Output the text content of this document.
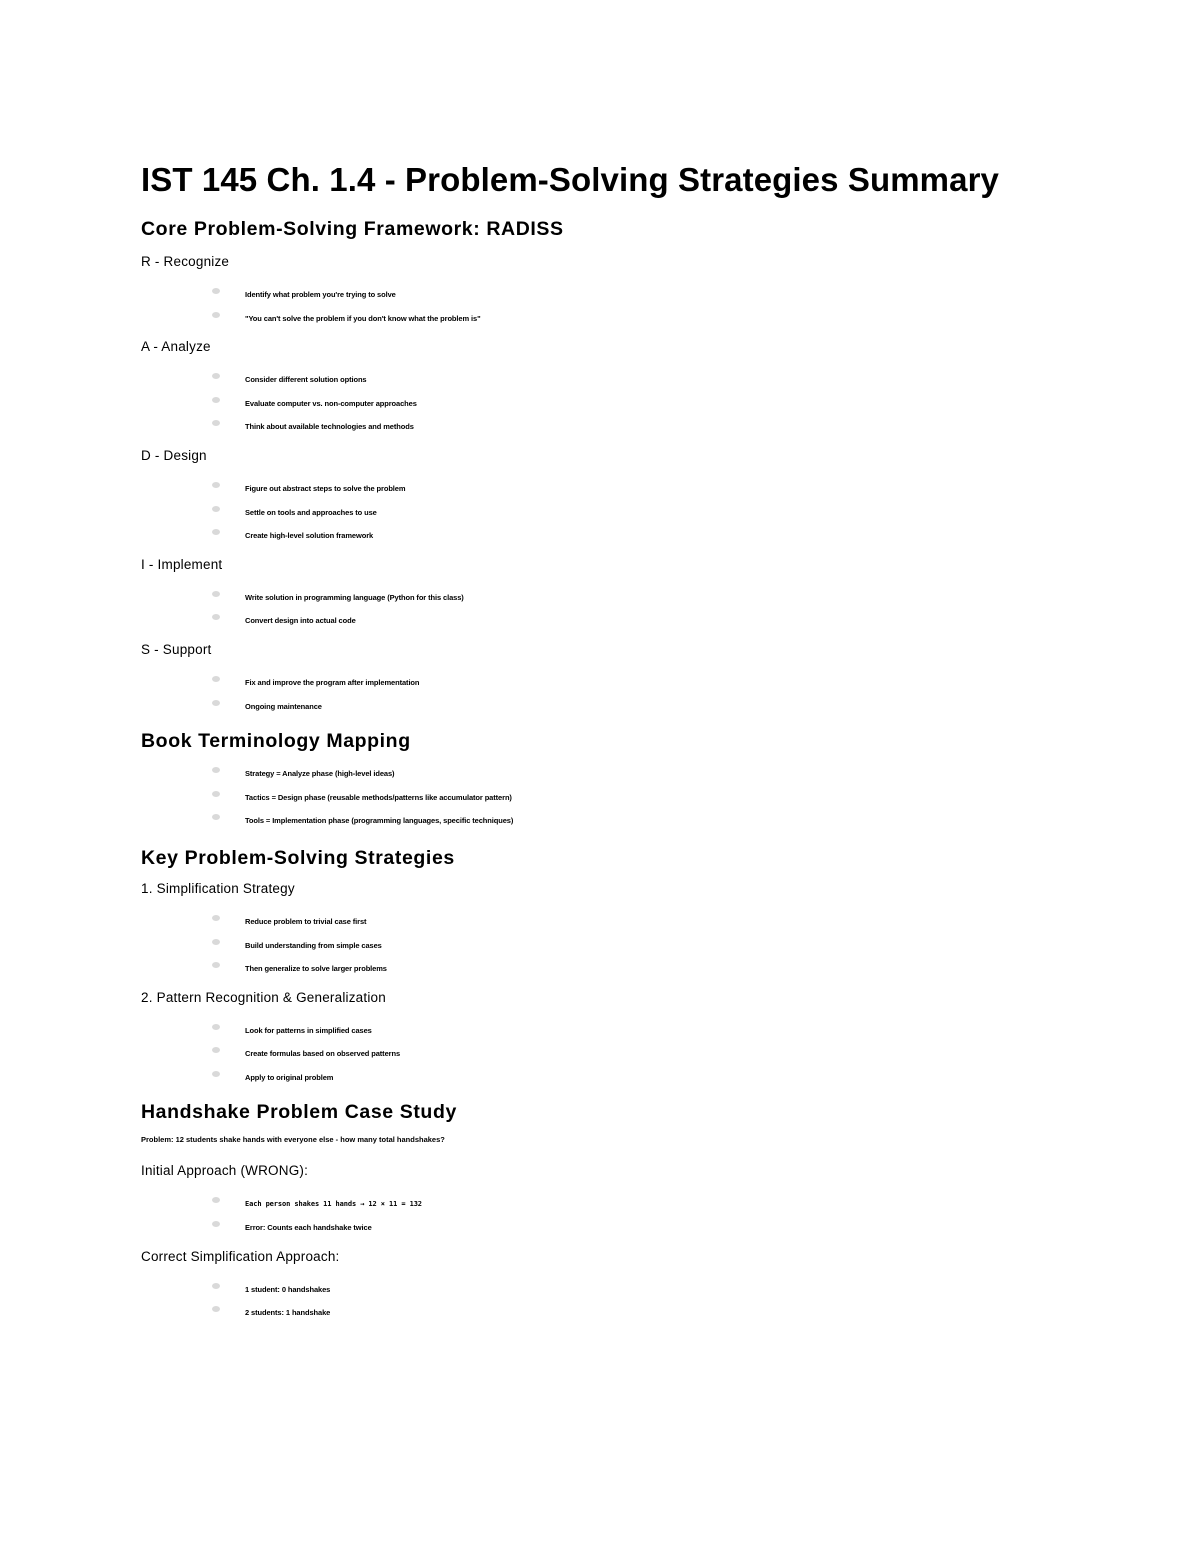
IST 145 Ch. 1.4 - Problem-Solving Strategies Summary
Core Problem-Solving Framework: RADISS

R - Recognize

Identify what problem you're trying to solve
"You can't solve the problem if you don't know what the problem is"

A - Analyze

Consider different solution options
Evaluate computer vs. non-computer approaches
Think about available technologies and methods

D - Design

Figure out abstract steps to solve the problem
Settle on tools and approaches to use
Create high-level solution framework

I - Implement

Write solution in programming language (Python for this class)
Convert design into actual code

S - Support

Fix and improve the program after implementation
Ongoing maintenance
Book Terminology Mapping
Strategy = Analyze phase (high-level ideas)
Tactics = Design phase (reusable methods/patterns like accumulator pattern)
Tools = Implementation phase (programming languages, specific techniques)
Key Problem-Solving Strategies

1. Simplification Strategy

Reduce problem to trivial case first
Build understanding from simple cases
Then generalize to solve larger problems

2. Pattern Recognition & Generalization

Look for patterns in simplified cases
Create formulas based on observed patterns
Apply to original problem
Handshake Problem Case Study

Problem: 12 students shake hands with everyone else - how many total handshakes?

Initial Approach (WRONG):

Each person shakes 11 hands → 12 × 11 = 132
Error: Counts each handshake twice

Correct Simplification Approach:

1 student: 0 handshakes
2 students: 1 handshake
